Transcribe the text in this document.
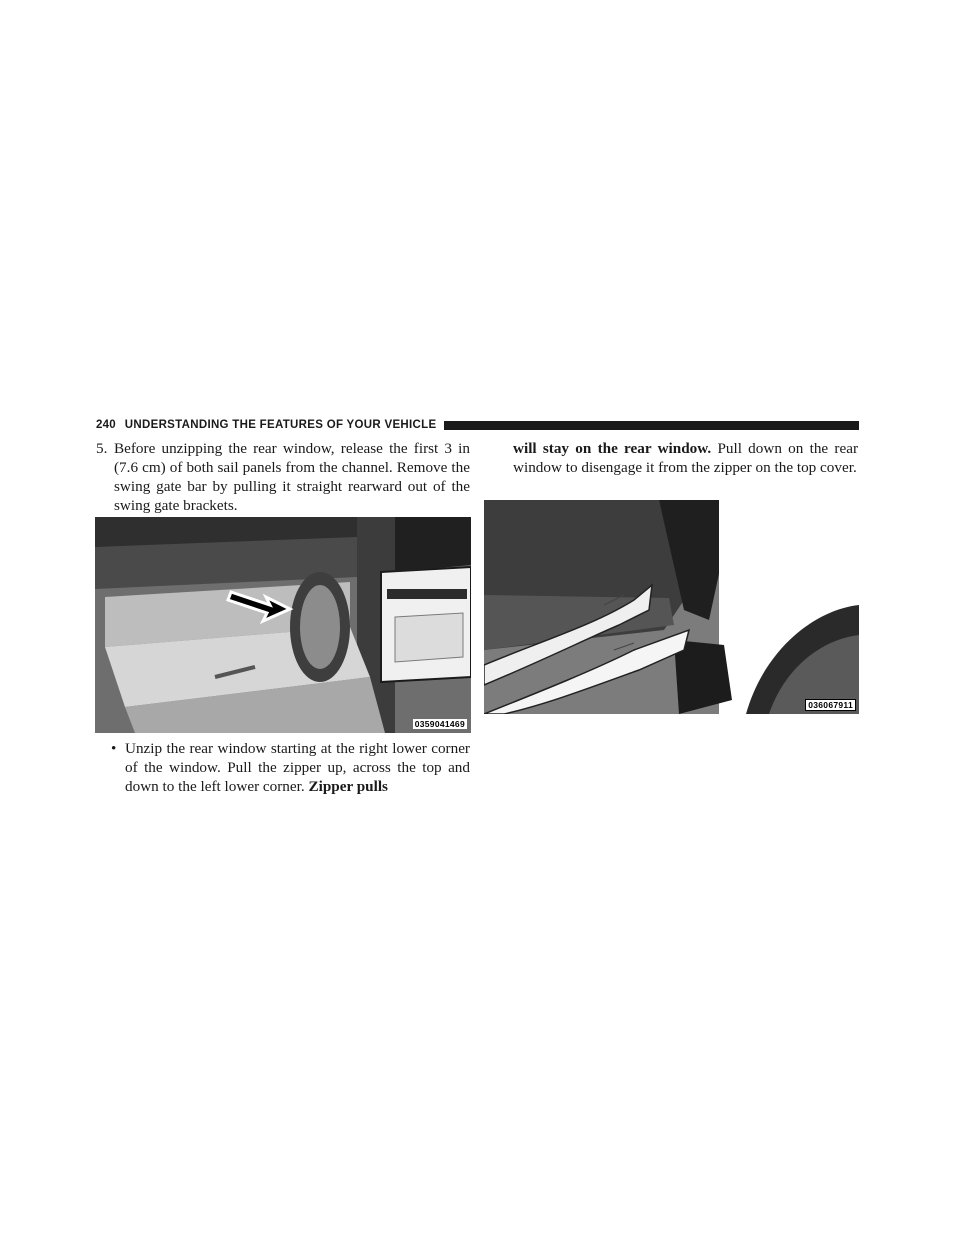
240 UNDERSTANDING THE FEATURES OF YOUR VEHICLE
5. Before unzipping the rear window, release the first 3 in (7.6 cm) of both sail panels from the channel. Remove the swing gate bar by pulling it straight rearward out of the swing gate brackets.

0359041469
• Unzip the rear window starting at the right lower corner of the window. Pull the zipper up, across the top and down to the left lower corner. Zipper pulls

will stay on the rear window. Pull down on the rear window to disengage it from the zipper on the top cover.

036067911
